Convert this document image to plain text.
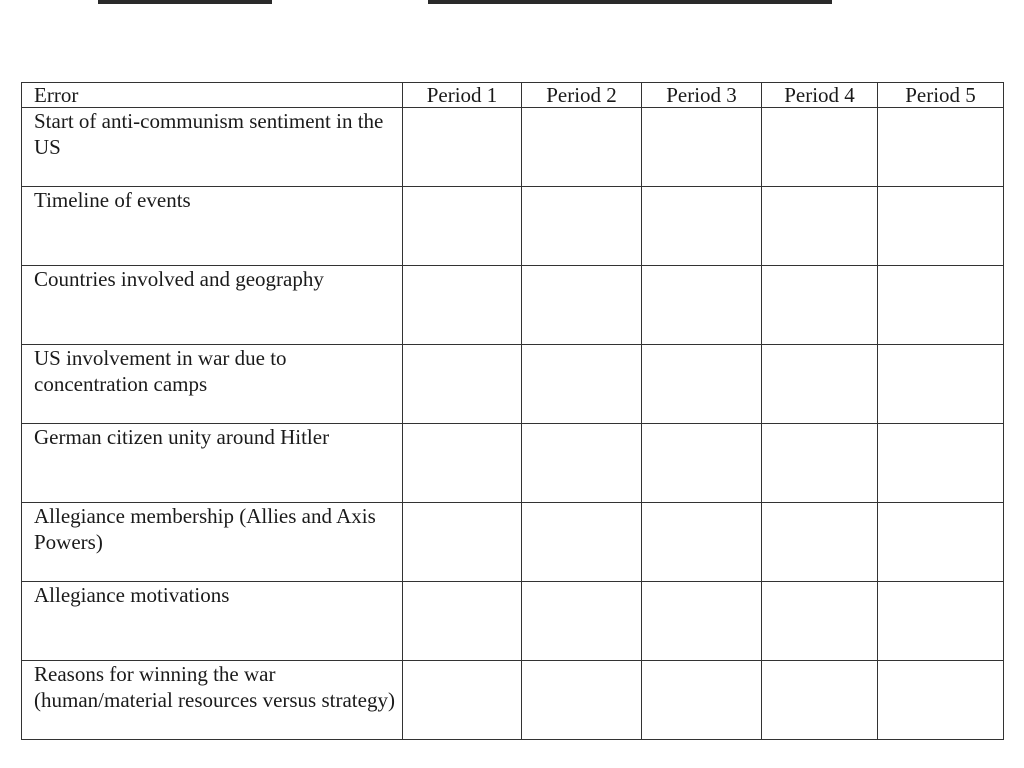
Error	Period 1	Period 2	Period 3	Period 4	Period 5
Start of anti-communism sentiment in the US					
Timeline of events					
Countries involved and geography					
US involvement in war due to concentration camps					
German citizen unity around Hitler					
Allegiance membership (Allies and Axis Powers)					
Allegiance motivations					
Reasons for winning the war (human/material resources versus strategy)					
